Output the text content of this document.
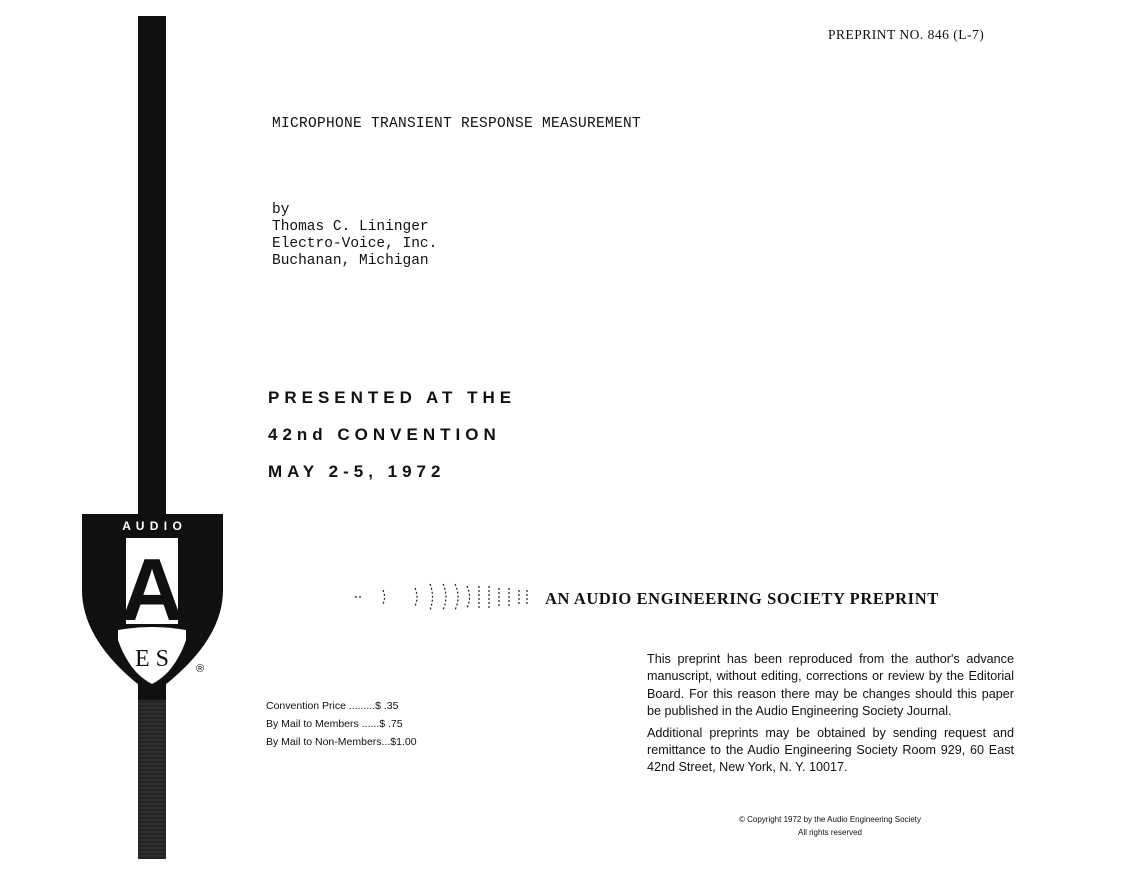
PREPRINT NO. 846 (L-7)
MICROPHONE TRANSIENT RESPONSE MEASUREMENT
by
Thomas C. Lininger
Electro-Voice, Inc.
Buchanan, Michigan
PRESENTED AT THE
42nd CONVENTION
MAY 2-5, 1972
A U D I O
A
E S ®
AN AUDIO ENGINEERING SOCIETY PREPRINT
Convention Price .........$ .35
By Mail to Members ......$ .75
By Mail to Non-Members...$1.00

This preprint has been reproduced from the author's advance manuscript, without editing, corrections or review by the Editorial Board. For this reason there may be changes should this paper be published in the Audio Engineering Society Journal.

Additional preprints may be obtained by sending request and remittance to the Audio Engineering Society Room 929, 60 East 42nd Street, New York, N. Y. 10017.

© Copyright 1972 by the Audio Engineering Society
All rights reserved
